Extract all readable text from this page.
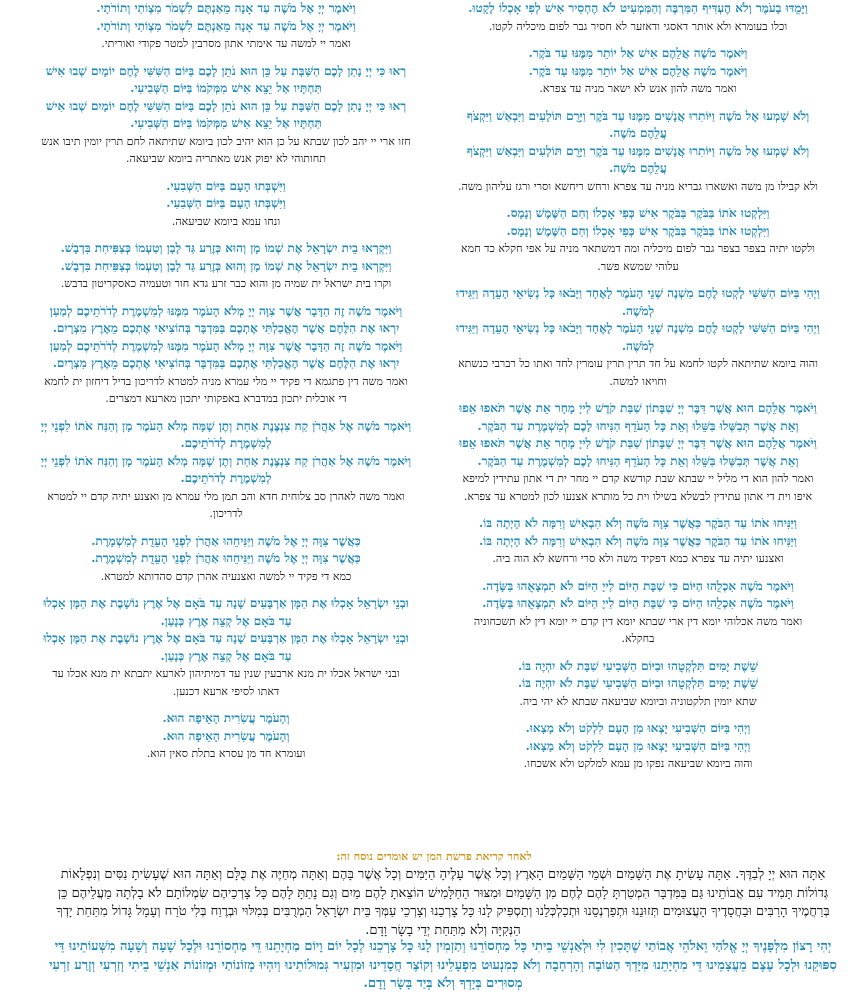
וַיָּמֻדּוּ בָעֹמֶר וְלֹא הֶעְדִּיף הַמַּרְבֶּה וְהַמַּמְעִיט לֹא הֶחְסִיר אִישׁ לְפִי אָכְלוֹ לָקָטוּ.

וכלו בעומרא ולא אותר דאסגי ודאזער לא חסיר גבר לפום מיכליה לקטו.

וַיֹּאמֶר מֹשֶׁה אֲלֵהֶם אִישׁ אַל יוֹתֵר מִמֶּנּוּ עַד בֹּקֶר.

וַיֹּאמֶר מֹשֶׁה אֲלֵהֶם אִישׁ אַל יוֹתֵר מִמֶּנּוּ עַד בֹּקֶר.

ואמר משה להון אנש לא ישאר מניה עד צפרא.

וְלֹא שָׁמְעוּ אֶל מֹשֶׁה וַיּוֹתִרוּ אֲנָשִׁים מִמֶּנּוּ עַד בֹּקֶר וַיָּרֻם תּוֹלָעִים וַיִּבְאַשׁ וַיִּקְצֹף עֲלֵהֶם מֹשֶׁה.

וְלֹא שָׁמְעוּ אֶל מֹשֶׁה וַיּוֹתִרוּ אֲנָשִׁים מִמֶּנּוּ עַד בֹּקֶר וַיָּרֻם תּוֹלָעִים וַיִּבְאַשׁ וַיִּקְצֹף עֲלֵהֶם מֹשֶׁה.

ולא קבילו מן משה ואשארו גבריא מניה עד צפרא ורחש ריחשא וסרי ורגז עליהון משה.

וַיִּלְקְטוּ אֹתוֹ בַּבֹּקֶר בַּבֹּקֶר אִישׁ כְּפִי אָכְלוֹ וְחַם הַשֶּׁמֶשׁ וְנָמָס.

וַיִּלְקְטוּ אֹתוֹ בַּבֹּקֶר בַּבֹּקֶר אִישׁ כְּפִי אָכְלוֹ וְחַם הַשֶּׁמֶשׁ וְנָמָס.

ולקטו יתיה בצפר בצפר גבר לפום מיכליה ומה דמשתאר מניה על אפי חקלא כד חמא עלוהי שמשא פשר.

וַיְהִי בַּיּוֹם הַשִּׁשִּׁי לָקְטוּ לֶחֶם מִשְׁנֶה שְׁנֵי הָעֹמֶר לָאֶחָד וַיָּבֹאוּ כָּל נְשִׂיאֵי הָעֵדָה וַיַּגִּידוּ לְמֹשֶׁה.

וַיְהִי בַּיּוֹם הַשִּׁשִּׁי לָקְטוּ לֶחֶם מִשְׁנֶה שְׁנֵי הָעֹמֶר לָאֶחָד וַיָּבֹאוּ כָּל נְשִׂיאֵי הָעֵדָה וַיַּגִּידוּ לְמֹשֶׁה.

והוה ביומא שתיתאה לקטו לחמא על חד תרין תרין עומרין לחד ואתו כל רברבי כנשתא וחויאו למשה.

וַיֹּאמֶר אֲלֵהֶם הוּא אֲשֶׁר דִּבֶּר יְיָ שַׁבָּתוֹן שַׁבַּת קֹדֶשׁ לַייָ מָחָר אֵת אֲשֶׁר תֹּאפוּ אֵפוּ וְאֵת אֲשֶׁר תְּבַשְּׁלוּ בַּשֵּׁלוּ וְאֵת כָּל הָעֹדֵף הַנִּיחוּ לָכֶם לְמִשְׁמֶרֶת עַד הַבֹּקֶר.

וַיֹּאמֶר אֲלֵהֶם הוּא אֲשֶׁר דִּבֶּר יְיָ שַׁבָּתוֹן שַׁבַּת קֹדֶשׁ לַייָ מָחָר אֵת אֲשֶׁר תֹּאפוּ אֵפוּ וְאֵת אֲשֶׁר תְּבַשְּׁלוּ בַּשֵּׁלוּ וְאֵת כָּל הָעֹדֵף הַנִּיחוּ לָכֶם לְמִשְׁמֶרֶת עַד הַבֹּקֶר.

ואמר להון הוא די מליל יי שבתא שבת קודשא קדם יי מחר ית די אתון עתידין למיפא איפו וית די אתון עתידין לבשלא בשילו וית כל מותרא אצנעו לכון למטרא עד צפרא.

וַיַּנִּיחוּ אֹתוֹ עַד הַבֹּקֶר כַּאֲשֶׁר צִוָּה מֹשֶׁה וְלֹא הִבְאִישׁ וְרִמָּה לֹא הָיְתָה בּוֹ.

וַיַּנִּיחוּ אֹתוֹ עַד הַבֹּקֶר כַּאֲשֶׁר צִוָּה מֹשֶׁה וְלֹא הִבְאִישׁ וְרִמָּה לֹא הָיְתָה בּוֹ.

ואצנעו יתיה עד צפרא כמא דפקיד משה ולא סרי ורחשא לא הוה ביה.

וַיֹּאמֶר מֹשֶׁה אִכְלֻהוּ הַיּוֹם כִּי שַׁבָּת הַיּוֹם לַייָ הַיּוֹם לֹא תִמְצָאֻהוּ בַּשָּׂדֶה.

וַיֹּאמֶר מֹשֶׁה אִכְלֻהוּ הַיּוֹם כִּי שַׁבָּת הַיּוֹם לַייָ הַיּוֹם לֹא תִמְצָאֻהוּ בַּשָּׂדֶה.

ואמר משה אכלוהי יומא דין ארי שבתא יומא דין קדם יי יומא דין לא תשכחוניה בחקלא.

שֵׁשֶׁת יָמִים תִּלְקְטֻהוּ וּבַיּוֹם הַשְּׁבִיעִי שַׁבָּת לֹא יִהְיֶה בּוֹ.

שֵׁשֶׁת יָמִים תִּלְקְטֻהוּ וּבַיּוֹם הַשְּׁבִיעִי שַׁבָּת לֹא יִהְיֶה בּוֹ.

שתא יומין תלקטוניה וביומא שביעאה שבתא לא יהי ביה.

וַיְהִי בַּיּוֹם הַשְּׁבִיעִי יָצְאוּ מִן הָעָם לִלְקֹט וְלֹא מָצָאוּ.

וַיְהִי בַּיּוֹם הַשְּׁבִיעִי יָצְאוּ מִן הָעָם לִלְקֹט וְלֹא מָצָאוּ.

והוה ביומא שביעאה נפקו מן עמא למלקט ולא אשכחו.

וַיֹּאמֶר יְיָ אֶל מֹשֶׁה עַד אָנָה מֵאַנְתֶּם לִשְׁמֹר מִצְוֹתַי וְתוֹרֹתָי.

וַיֹּאמֶר יְיָ אֶל מֹשֶׁה עַד אָנָה מֵאַנְתֶּם לִשְׁמֹר מִצְוֹתַי וְתוֹרֹתָי.

ואמר יי למשה עד אימתי אתון מסרבין למטר פקודי ואוריתי.

רְאוּ כִּי יְיָ נָתַן לָכֶם הַשַּׁבָּת עַל כֵּן הוּא נֹתֵן לָכֶם בַּיּוֹם הַשִּׁשִּׁי לֶחֶם יוֹמָיִם שְׁבוּ אִישׁ תַּחְתָּיו אַל יֵצֵא אִישׁ מִמְּקֹמוֹ בַּיּוֹם הַשְּׁבִיעִי.

רְאוּ כִּי יְיָ נָתַן לָכֶם הַשַּׁבָּת עַל כֵּן הוּא נֹתֵן לָכֶם בַּיּוֹם הַשִּׁשִּׁי לֶחֶם יוֹמָיִם שְׁבוּ אִישׁ תַּחְתָּיו אַל יֵצֵא אִישׁ מִמְּקֹמוֹ בַּיּוֹם הַשְּׁבִיעִי.

חזו ארי יי יהב לכון שבתא על כן הוא יהיב לכון ביומא שתיתאה לחם תרין יומין תיבו אנש תחותוהי לא יפוק אנש מאתריה ביומא שביעאה.

וַיִּשְׁבְּתוּ הָעָם בַּיּוֹם הַשְּׁבִעִי.

וַיִּשְׁבְּתוּ הָעָם בַּיּוֹם הַשְּׁבִעִי.

ונחו עמא ביומא שביעאה.

וַיִּקְרְאוּ בֵית יִשְׂרָאֵל אֶת שְׁמוֹ מָן וְהוּא כְּזֶרַע גַּד לָבָן וְטַעְמוֹ כְּצַפִּיחִת בִּדְבָשׁ.

וַיִּקְרְאוּ בֵית יִשְׂרָאֵל אֶת שְׁמוֹ מָן וְהוּא כְּזֶרַע גַּד לָבָן וְטַעְמוֹ כְּצַפִּיחִת בִּדְבָשׁ.

וקרו בית ישראל ית שמיה מן והוא כבר זרע גדא חור וטעמיה כאסקריטון בדבש.

וַיֹּאמֶר מֹשֶׁה זֶה הַדָּבָר אֲשֶׁר צִוָּה יְיָ מְלֹא הָעֹמֶר מִמֶּנּוּ לְמִשְׁמֶרֶת לְדֹרֹתֵיכֶם לְמַעַן יִרְאוּ אֶת הַלֶּחֶם אֲשֶׁר הֶאֱכַלְתִּי אֶתְכֶם בַּמִּדְבָּר בְּהוֹצִיאִי אֶתְכֶם מֵאֶרֶץ מִצְרָיִם.

וַיֹּאמֶר מֹשֶׁה זֶה הַדָּבָר אֲשֶׁר צִוָּה יְיָ מְלֹא הָעֹמֶר מִמֶּנּוּ לְמִשְׁמֶרֶת לְדֹרֹתֵיכֶם לְמַעַן יִרְאוּ אֶת הַלֶּחֶם אֲשֶׁר הֶאֱכַלְתִּי אֶתְכֶם בַּמִּדְבָּר בְּהוֹצִיאִי אֶתְכֶם מֵאֶרֶץ מִצְרָיִם.

ואמר משה דין פתגמא די פקיד יי מלי עמרא מניה למטרא לדריכון בדיל דיחזון ית לחמא די אוכלית יתכון במדברא באפקותי יתכון מארעא דמצרים.

וַיֹּאמֶר מֹשֶׁה אֶל אַהֲרֹן קַח צִנְצֶנֶת אַחַת וְתֶן שָׁמָּה מְלֹא הָעֹמֶר מָן וְהַנַּח אֹתוֹ לִפְנֵי יְיָ לְמִשְׁמֶרֶת לְדֹרֹתֵיכֶם.

וַיֹּאמֶר מֹשֶׁה אֶל אַהֲרֹן קַח צִנְצֶנֶת אַחַת וְתֶן שָׁמָּה מְלֹא הָעֹמֶר מָן וְהַנַּח אֹתוֹ לִפְנֵי יְיָ לְמִשְׁמֶרֶת לְדֹרֹתֵיכֶם.

ואמר משה לאהרן סב צלוחית חדא והב תמן מלי עמרא מן ואצנע יתיה קדם יי למטרא לדריכון.

כַּאֲשֶׁר צִוָּה יְיָ אֶל מֹשֶׁה וַיַּנִּיחֵהוּ אַהֲרֹן לִפְנֵי הָעֵדֻת לְמִשְׁמָרֶת.

כַּאֲשֶׁר צִוָּה יְיָ אֶל מֹשֶׁה וַיַּנִּיחֵהוּ אַהֲרֹן לִפְנֵי הָעֵדֻת לְמִשְׁמָרֶת.

כמא די פקיד יי למשה ואצנעיה אהרן קדם סהדותא למטרא.

וּבְנֵי יִשְׂרָאֵל אָכְלוּ אֶת הַמָּן אַרְבָּעִים שָׁנָה עַד בֹּאָם אֶל אֶרֶץ נוֹשָׁבֶת אֶת הַמָּן אָכְלוּ עַד בֹּאָם אֶל קְצֵה אֶרֶץ כְּנָעַן.

וּבְנֵי יִשְׂרָאֵל אָכְלוּ אֶת הַמָּן אַרְבָּעִים שָׁנָה עַד בֹּאָם אֶל אֶרֶץ נוֹשָׁבֶת אֶת הַמָּן אָכְלוּ עַד בֹּאָם אֶל קְצֵה אֶרֶץ כְּנָעַן.

ובני ישראל אכלו ית מנא ארבעין שנין עד דמיתיהון לארעא יתבתא ית מנא אכלו עד דאתו לסיפי ארעא דכנען.

וְהָעֹמֶר עֲשִׂרִית הָאֵיפָה הוּא.

וְהָעֹמֶר עֲשִׂרִית הָאֵיפָה הוּא.

ועומרא חד מן עסרא בתלת סאין הוא.

לאחר קריאת פרשת המן יש אומרים נוסח זה:

אַתָּה הוּא יְיָ לְבַדֶּךָ. אַתָּה עָשִׂיתָ אֶת הַשָּׁמַיִם וּשְׁמֵי הַשָּׁמַיִם הָאָרֶץ וְכָל אֲשֶׁר עָלֶיהָ הַיַּמִּים וְכָל אֲשֶׁר בָּהֶם וְאַתָּה מְחַיֶּה אֶת כֻּלָּם וְאַתָּה הוּא שֶׁעָשִׂיתָ נִסִּים וְנִפְלָאוֹת גְּדוֹלוֹת תָּמִיד עִם אֲבוֹתֵינוּ גַּם בַּמִּדְבָּר הִמְטַרְתָּ לָהֶם לֶחֶם מִן הַשָּׁמַיִם וּמִצּוּר הַחַלָּמִישׁ הוֹצֵאתָ לָהֶם מַיִם וְגַם נָתַתָּ לָהֶם כָּל צָרְכֵיהֶם שִׂמְלוֹתָם לֹא בָלְתָה מֵעֲלֵיהֶם כֵּן בְּרַחֲמֶיךָ הָרַבִּים וּבַחֲסָדֶיךָ הָעֲצוּמִים תְּזוּנֵנוּ וּתְפַרְנְסֵנוּ וּתְכַלְכְּלֵנוּ וְתַסְפִּיק לָנוּ כָּל צָרְכֵנוּ וְצָרְכֵי עַמְּךָ בֵּית יִשְׂרָאֵל הַמְרֻבִּים בְּמִלּוּי וּבְרֶוַח בְּלִי טֹרַח וְעָמָל גָּדוֹל מִתַּחַת יָדְךָ הַנְּקִיָּה וְלֹא מִתַּחַת יְדֵי בָשָׂר וָדָם.

יְהִי רָצוֹן מִלְּפָנֶיךָ יְיָ אֱלֹהַי וֵאלֹהֵי אֲבוֹתַי שֶׁתָּכִין לִי וּלְאַנְשֵׁי בֵיתִי כָּל מַחְסוֹרֵנוּ וְתַזְמִין לָנוּ כָּל צָרְכֵנוּ לְכָל יוֹם וָיוֹם מַחְיָתֵנוּ דֵּי מַחְסוֹרֵנוּ וּלְכָל שָׁעָה וְשָׁעָה מִשְּׁעוֹתֵינוּ דֵּי סִפּוּקֵנוּ וּלְכָל עֶצֶם מֵעֲצָמֵינוּ דֵּי מִחְיָתֵנוּ מִיָּדְךָ הַטּוֹבָה וְהָרְחָבָה וְלֹא כְּמִנְעוּט מִפְעָלֵינוּ וְקוֹצֶר חֲסָדֵינוּ וּמִזְעִיר גְּמוּלוֹתֵינוּ וְיִהְיוּ מְזוֹנוֹתַי וּמְזוֹנוֹת אַנְשֵׁי בֵיתִי וְזַרְעִי וְזֶרַע זַרְעִי מְסוּרִים בְּיָדְךָ וְלֹא בְּיַד בָּשָׂר וָדָם.
